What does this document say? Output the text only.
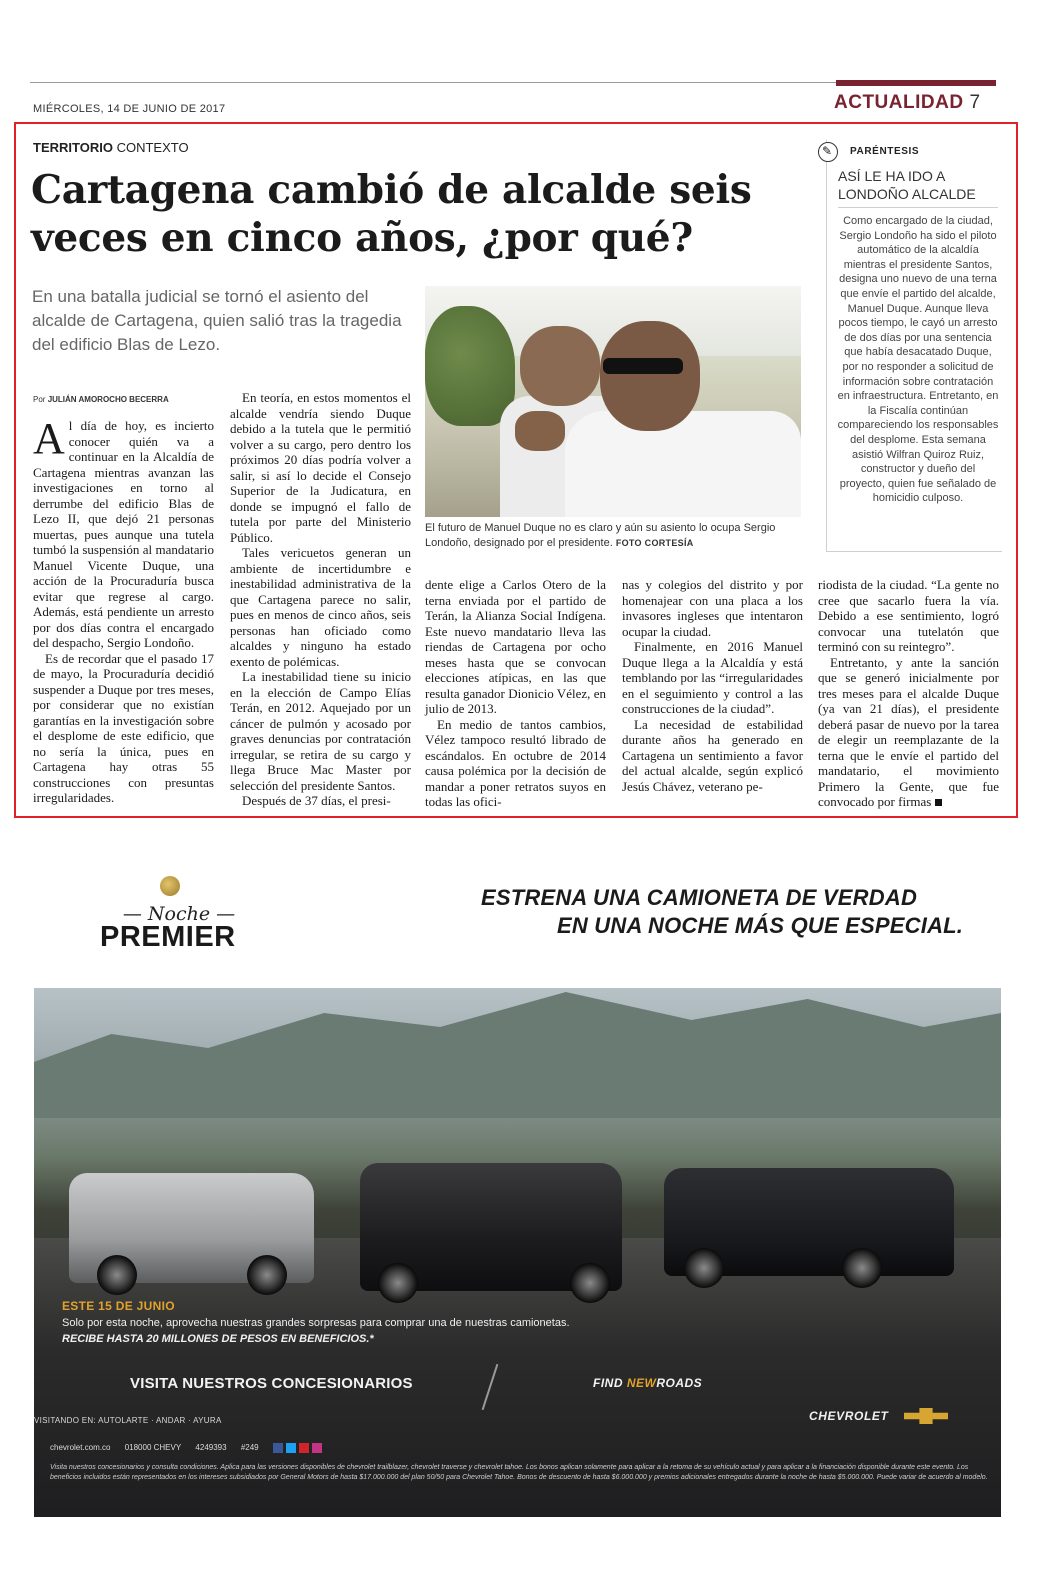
MIÉRCOLES, 14 DE JUNIO DE 2017	ACTUALIDAD 7
TERRITORIO CONTEXTO
Cartagena cambió de alcalde seis veces en cinco años, ¿por qué?
En una batalla judicial se tornó el asiento del alcalde de Cartagena, quien salió tras la tragedia del edificio Blas de Lezo.
El futuro de Manuel Duque no es claro y aún su asiento lo ocupa Sergio Londoño, designado por el presidente. FOTO CORTESÍA
✎
PARÉNTESIS
ASÍ LE HA IDO A LONDOÑO ALCALDE
Como encargado de la ciudad, Sergio Londoño ha sido el piloto automático de la alcaldía mientras el presidente Santos, designa uno nuevo de una terna que envíe el partido del alcalde, Manuel Duque. Aunque lleva pocos tiempo, le cayó un arresto de dos días por una sentencia que había desacatado Duque, por no responder a solicitud de información sobre contratación en infraestructura. Entretanto, en la Fiscalía continúan compareciendo los responsables del desplome. Esta semana asistió Wilfran Quiroz Ruiz, constructor y dueño del proyecto, quien fue señalado de homicidio culposo.
Por JULIÁN AMOROCHO BECERRA

Al día de hoy, es incierto conocer quién va a continuar en la Alcaldía de Cartagena mientras avanzan las investigaciones en torno al derrumbe del edificio Blas de Lezo II, que dejó 21 personas muertas, pues aunque una tutela tumbó la suspensión al mandatario Manuel Vicente Duque, una acción de la Procuraduría busca evitar que regrese al cargo. Además, está pendiente un arresto por dos días contra el encargado del despacho, Sergio Londoño.

Es de recordar que el pasado 17 de mayo, la Procuraduría decidió suspender a Duque por tres meses, por considerar que no existían garantías en la investigación sobre el desplome de este edificio, que no sería la única, pues en Cartagena hay otras 55 construcciones con presuntas irregularidades.

En teoría, en estos momentos el alcalde vendría siendo Duque debido a la tutela que le permitió volver a su cargo, pero dentro los próximos 20 días podría volver a salir, si así lo decide el Consejo Superior de la Judicatura, en donde se impugnó el fallo de tutela por parte del Ministerio Público.

Tales vericuetos generan un ambiente de incertidumbre e inestabilidad administrativa de la que Cartagena parece no salir, pues en menos de cinco años, seis personas han oficiado como alcaldes y ninguno ha estado exento de polémicas.

La inestabilidad tiene su inicio en la elección de Campo Elías Terán, en 2012. Aquejado por un cáncer de pulmón y acosado por graves denuncias por contratación irregular, se retira de su cargo y llega Bruce Mac Master por selección del presidente Santos.

Después de 37 días, el presi-

dente elige a Carlos Otero de la terna enviada por el partido de Terán, la Alianza Social Indígena. Este nuevo mandatario lleva las riendas de Cartagena por ocho meses hasta que se convocan elecciones atípicas, en las que resulta ganador Dionicio Vélez, en julio de 2013.

En medio de tantos cambios, Vélez tampoco resultó librado de escándalos. En octubre de 2014 causa polémica por la decisión de mandar a poner retratos suyos en todas las ofici-

nas y colegios del distrito y por homenajear con una placa a los invasores ingleses que intentaron ocupar la ciudad.

Finalmente, en 2016 Manuel Duque llega a la Alcaldía y está temblando por las “irregularidades en el seguimiento y control a las construcciones de la ciudad”.

La necesidad de estabilidad durante años ha generado en Cartagena un sentimiento a favor del actual alcalde, según explicó Jesús Chávez, veterano pe-

riodista de la ciudad. “La gente no cree que sacarlo fuera la vía. Debido a ese sentimiento, logró convocar una tutelatón que terminó con su reintegro”.

Entretanto, y ante la sanción que se generó inicialmente por tres meses para el alcalde Duque (ya van 21 días), el presidente deberá pasar de nuevo por la tarea de elegir un reemplazante de la terna que le envíe el partido del mandatario, el movimiento Primero la Gente, que fue convocado por firmas

— Noche —
PREMIER
ESTRENA UNA CAMIONETA DE VERDAD
EN UNA NOCHE MÁS QUE ESPECIAL.
ESTE 15 DE JUNIO
Solo por esta noche, aprovecha nuestras grandes sorpresas para comprar una de nuestras camionetas.
RECIBE HASTA 20 MILLONES DE PESOS EN BENEFICIOS.*
VISITA NUESTROS CONCESIONARIOS	FIND NEWROADS
VISITANDO EN: AUTOLARTE · ANDAR · AYURA	CHEVROLET
chevrolet.com.co 018000 CHEVY 4249393 #249
Visita nuestros concesionarios y consulta condiciones. Aplica para las versiones disponibles de chevrolet trailblazer, chevrolet traverse y chevrolet tahoe. Los bonos aplican solamente para aplicar a la retoma de su vehículo actual y para aplicar a la financiación disponible durante este evento. Los beneficios incluidos están representados en los intereses subsidiados por General Motors de hasta $17.000.000 del plan 50/50 para Chevrolet Tahoe. Bonos de descuento de hasta $6.000.000 y premios adicionales entregados durante la noche de hasta $5.000.000. Puede variar de acuerdo al modelo.
